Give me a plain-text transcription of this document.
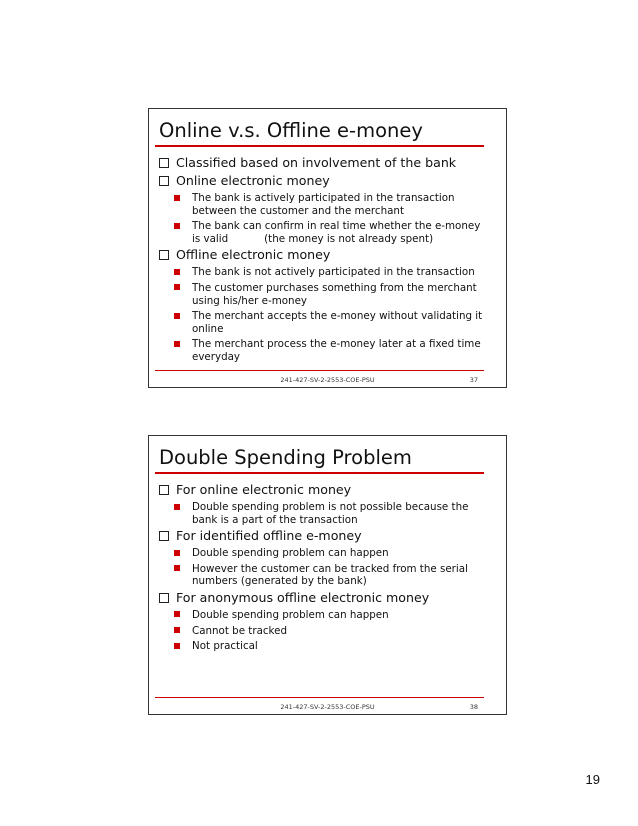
Online v.s. Offline e-money
Classified based on involvement of the bank
Online electronic money
The bank is actively participated in the transaction between the customer and the merchant
The bank can confirm in real time whether the e-money is valid           (the money is not already spent)
Offline electronic money
The bank is not actively participated in the transaction
The customer purchases something from the merchant using his/her e-money
The merchant accepts the e-money without validating it online
The merchant process the e-money later at a fixed time everyday
241-427-SV-2-2553-COE-PSU	37
Double Spending Problem
For online electronic money
Double spending problem is not possible because the bank is a part of the transaction
For identified offline e-money
Double spending problem can happen
However the customer can be tracked from the serial numbers (generated by the bank)
For anonymous offline electronic money
Double spending problem can happen
Cannot be tracked
Not practical
241-427-SV-2-2553-COE-PSU	38
19
